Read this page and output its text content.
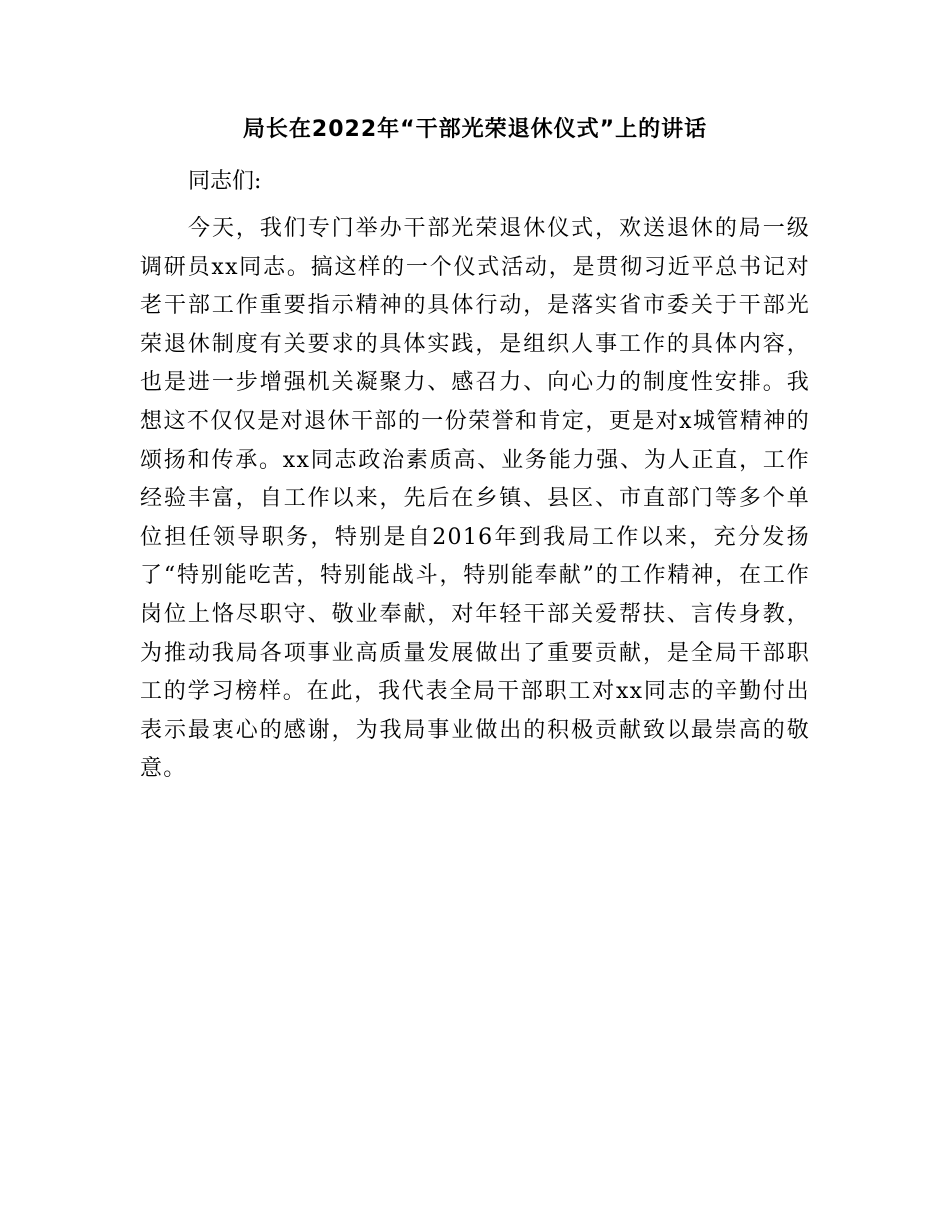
局长在2022年“干部光荣退休仪式”上的讲话
同志们:

今天，我们专门举办干部光荣退休仪式，欢送退休的局一级调研员xx同志。搞这样的一个仪式活动，是贯彻习近平总书记对老干部工作重要指示精神的具体行动，是落实省市委关于干部光荣退休制度有关要求的具体实践，是组织人事工作的具体内容，也是进一步增强机关凝聚力、感召力、向心力的制度性安排。我想这不仅仅是对退休干部的一份荣誉和肯定，更是对x城管精神的颂扬和传承。xx同志政治素质高、业务能力强、为人正直，工作经验丰富，自工作以来，先后在乡镇、县区、市直部门等多个单位担任领导职务，特别是自2016年到我局工作以来，充分发扬了“特别能吃苦，特别能战斗，特别能奉献”的工作精神，在工作岗位上恪尽职守、敬业奉献，对年轻干部关爱帮扶、言传身教，为推动我局各项事业高质量发展做出了重要贡献，是全局干部职工的学习榜样。在此，我代表全局干部职工对xx同志的辛勤付出表示最衷心的感谢，为我局事业做出的积极贡献致以最崇高的敬意。
